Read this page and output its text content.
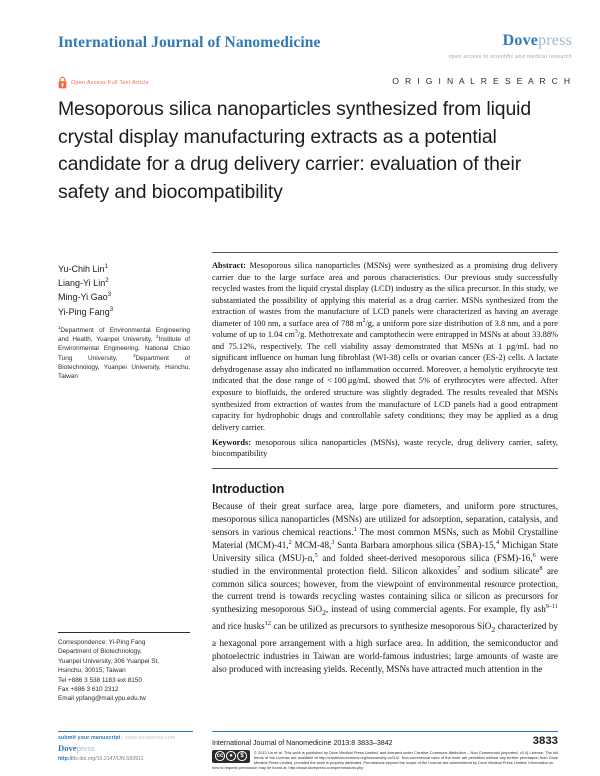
International Journal of Nanomedicine	Dovepress
open access to scientific and medical research
Open Access Full Text Article	O R I G I N A L R E S E A R C H
Mesoporous silica nanoparticles synthesized from liquid crystal display manufacturing extracts as a potential candidate for a drug delivery carrier: evaluation of their safety and biocompatibility
Yu-Chih Lin$^1$
Liang-Yi Lin$^2$
Ming-Yi Gao$^3$
Yi-Ping Fang$^3$
$^1$Department of Environmental Engineering and Health, Yuanpei University, $^2$Institute of Environmental Engineering, National Chiao Tung University, $^3$Department of Biotechnology, Yuanpei University, Hsinchu, Taiwan
Correspondence: Yi-Ping Fang
Department of Biotechnology,
Yuanpei University, 306 Yuanpei St,
Hsinchu, 30015, Taiwan
Tel +886 3 538 1183 ext 8150
Fax +886 3 610 2312
Email ypfang@mail.ypu.edu.tw

Abstract: Mesoporous silica nanoparticles (MSNs) were synthesized as a promising drug delivery carrier due to the large surface area and porous characteristics. Our previous study successfully recycled wastes from the liquid crystal display (LCD) industry as the silica precursor. In this study, we substantiated the possibility of applying this material as a drug carrier. MSNs synthesized from the extraction of wastes from the manufacture of LCD panels were characterized as having an average diameter of 100 nm, a surface area of 788 $m^2/g$, a uniform pore size distribution of 3.8 nm, and a pore volume of up to 1.04 $cm^3/g$. Methotrexate and camptothecin were entrapped in MSNs at about 33.88% and 75.12%, respectively. The cell viability assay demonstrated that MSNs at 1 μg/mL had no significant influence on human lung fibroblast (WI-38) cells or ovarian cancer (ES-2) cells. A lactate dehydrogenase assay also indicated no inflammation occurred. Moreover, a hemolytic erythrocyte test indicated that the dose range of < 100 μg/mL showed that 5% of erythrocytes were affected. After exposure to biofluids, the ordered structure was slightly degraded. The results revealed that MSNs synthesized from extraction of wastes from the manufacture of LCD panels had a good entrapment capacity for hydrophobic drugs and controllable safety conditions; they may be applied as a drug delivery carrier.

Keywords: mesoporous silica nanoparticles (MSNs), waste recycle, drug delivery carrier, safety, biocompatibility

Introduction

Because of their great surface area, large pore diameters, and uniform pore structures, mesoporous silica nanoparticles (MSNs) are utilized for adsorption, separation, catalysis, and sensors in various chemical reactions.$^1$ The most common MSNs, such as Mobil Crystalline Material (MCM)-41,$^2$ MCM-48,$^3$ Santa Barbara amorphous silica (SBA)-15,$^4$ Michigan State University silica (MSU)-n,$^5$ and folded sheet-derived mesoporous silica (FSM)-16,$^6$ were studied in the environmental protection field. Silicon alkoxides$^7$ and sodium silicate$^8$ are common silica sources; however, from the viewpoint of environmental resource protection, the current trend is towards recycling wastes containing silica or silicon as precursors for synthesizing mesoporous SiO$_2$, instead of using commercial agents. For example, fly ash$^{9-11}$ and rice husks$^{12}$ can be utilized as precursors to synthesize mesoporous SiO$_2$ characterized by a hexagonal pore arrangement with a high surface area. In addition, the semiconductor and photoelectric industries in Taiwan are world-famous industries; large amounts of waste are also produced with increasing yields. Recently, MSNs have attracted much attention in the

submit your manuscript | www.dovepress.com
Dovepress
http://dx.doi.org/10.2147/IJN.S50911
International Journal of Nanomedicine 2013:8 3833–3842	3833
cc ●	$
© 2013 Lin et al. This work is published by Dove Medical Press Limited, and licensed under Creative Commons Attribution – Non Commercial (unported, v3.0) License. The full terms of the License are available at http://creativecommons.org/licenses/by-nc/3.0/. Non-commercial uses of the work are permitted without any further permission from Dove Medical Press Limited, provided the work is properly attributed. Permissions beyond the scope of the License are administered by Dove Medical Press Limited. Information on
how to request permission may be found at: http://www.dovepress.com/permissions.php
